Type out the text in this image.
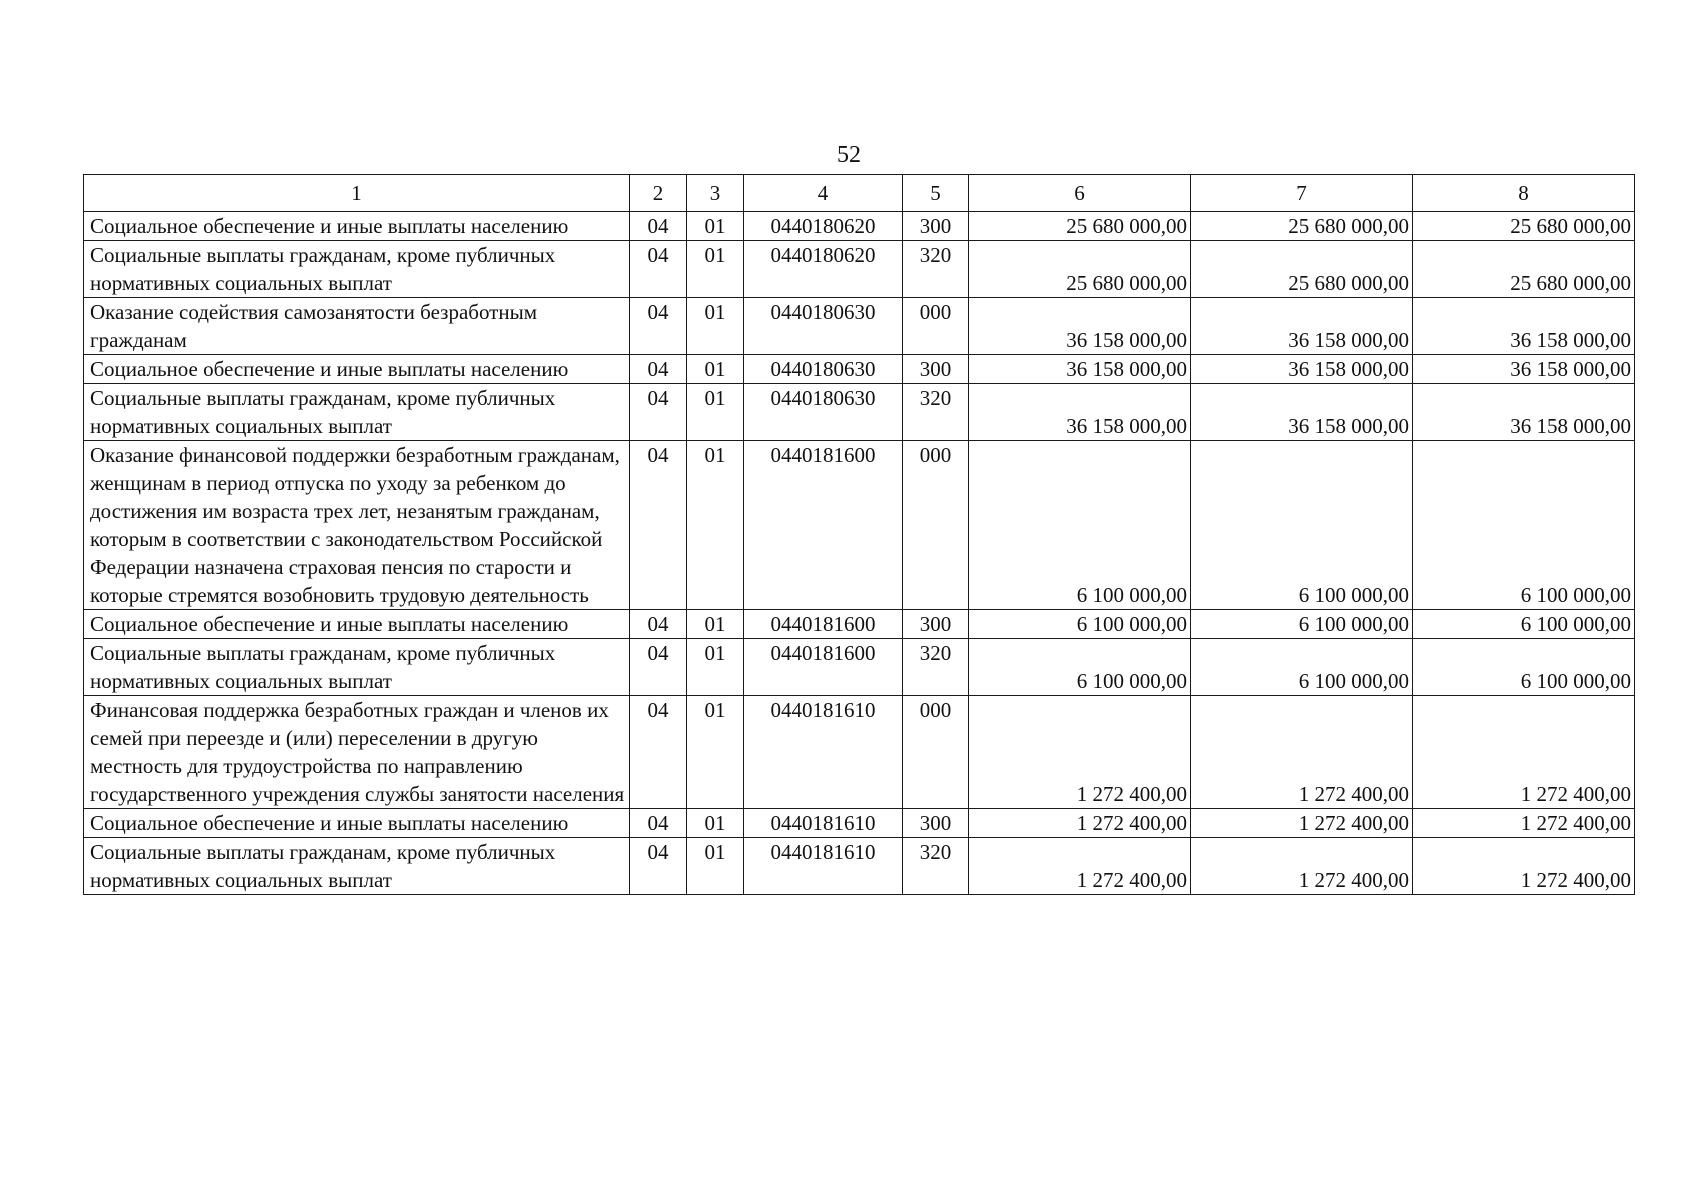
52
1	2	3	4	5	6	7	8
Социальное обеспечение и иные выплаты населению	04	01	0440180620	300	25 680 000,00	25 680 000,00	25 680 000,00
Социальные выплаты гражданам, кроме публичных нормативных социальных выплат	04	01	0440180620	320	25 680 000,00	25 680 000,00	25 680 000,00
Оказание содействия самозанятости безработным гражданам	04	01	0440180630	000	36 158 000,00	36 158 000,00	36 158 000,00
Социальное обеспечение и иные выплаты населению	04	01	0440180630	300	36 158 000,00	36 158 000,00	36 158 000,00
Социальные выплаты гражданам, кроме публичных нормативных социальных выплат	04	01	0440180630	320	36 158 000,00	36 158 000,00	36 158 000,00
Оказание финансовой поддержки безработным гражданам, женщинам в период отпуска по уходу за ребенком до достижения им возраста трех лет, незанятым гражданам, которым в соответствии с законодательством Российской Федерации назначена страховая пенсия по старости и которые стремятся возобновить трудовую деятельность	04	01	0440181600	000	6 100 000,00	6 100 000,00	6 100 000,00
Социальное обеспечение и иные выплаты населению	04	01	0440181600	300	6 100 000,00	6 100 000,00	6 100 000,00
Социальные выплаты гражданам, кроме публичных нормативных социальных выплат	04	01	0440181600	320	6 100 000,00	6 100 000,00	6 100 000,00
Финансовая поддержка безработных граждан и членов их семей при переезде и (или) переселении в другую местность для трудоустройства по направлению государственного учреждения службы занятости населения	04	01	0440181610	000	1 272 400,00	1 272 400,00	1 272 400,00
Социальное обеспечение и иные выплаты населению	04	01	0440181610	300	1 272 400,00	1 272 400,00	1 272 400,00
Социальные выплаты гражданам, кроме публичных нормативных социальных выплат	04	01	0440181610	320	1 272 400,00	1 272 400,00	1 272 400,00
